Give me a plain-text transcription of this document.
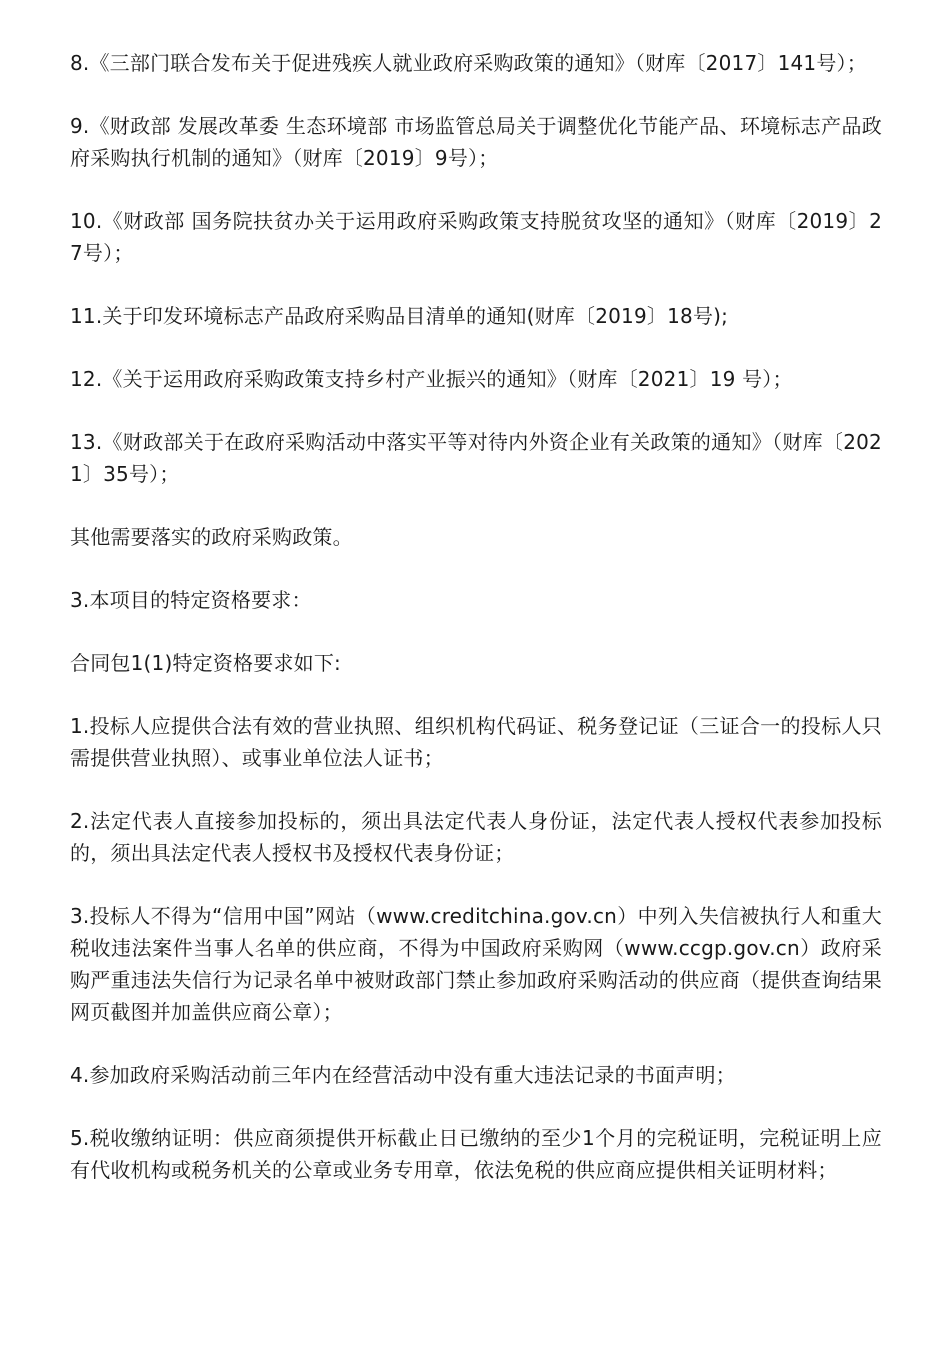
8.《三部门联合发布关于促进残疾人就业政府采购政策的通知》（财库〔2017〕141号）；

9.《财政部 发展改革委 生态环境部 市场监管总局关于调整优化节能产品、环境标志产品政府采购执行机制的通知》（财库〔2019〕9号）；

10.《财政部 国务院扶贫办关于运用政府采购政策支持脱贫攻坚的通知》（财库〔2019〕27号）；

11.关于印发环境标志产品政府采购品目清单的通知(财库〔2019〕18号);

12.《关于运用政府采购政策支持乡村产业振兴的通知》（财库〔2021〕19 号）；

13.《财政部关于在政府采购活动中落实平等对待内外资企业有关政策的通知》（财库〔2021〕35号）；

其他需要落实的政府采购政策。

3.本项目的特定资格要求：

合同包1(1)特定资格要求如下:

1.投标人应提供合法有效的营业执照、组织机构代码证、税务登记证（三证合一的投标人只需提供营业执照）、或事业单位法人证书；

2.法定代表人直接参加投标的，须出具法定代表人身份证，法定代表人授权代表参加投标的，须出具法定代表人授权书及授权代表身份证；

3.投标人不得为“信用中国”网站（www.creditchina.gov.cn）中列入失信被执行人和重大税收违法案件当事人名单的供应商，不得为中国政府采购网（www.ccgp.gov.cn）政府采购严重违法失信行为记录名单中被财政部门禁止参加政府采购活动的供应商（提供查询结果网页截图并加盖供应商公章）；

4.参加政府采购活动前三年内在经营活动中没有重大违法记录的书面声明；

5.税收缴纳证明：供应商须提供开标截止日已缴纳的至少1个月的完税证明，完税证明上应有代收机构或税务机关的公章或业务专用章，依法免税的供应商应提供相关证明材料；
